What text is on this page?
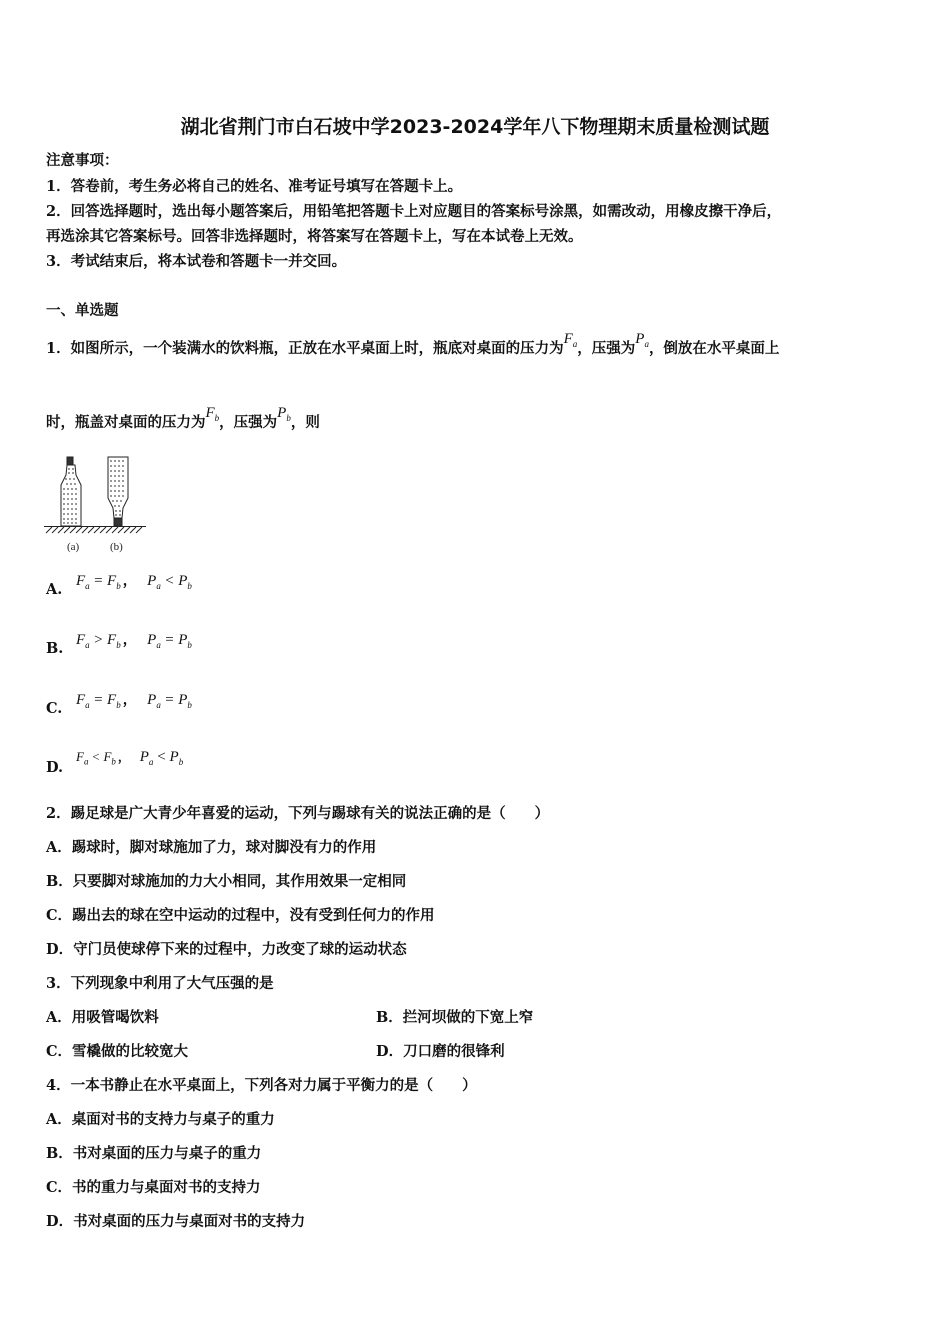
湖北省荆门市白石坡中学2023-2024学年八下物理期末质量检测试题
注意事项：
1．答卷前，考生务必将自己的姓名、准考证号填写在答题卡上。
2．回答选择题时，选出每小题答案后，用铅笔把答题卡上对应题目的答案标号涂黑，如需改动，用橡皮擦干净后，
再选涂其它答案标号。回答非选择题时，将答案写在答题卡上，写在本试卷上无效。
3．考试结束后，将本试卷和答题卡一并交回。
一、单选题
1．如图所示，一个装满水的饮料瓶，正放在水平桌面上时，瓶底对桌面的压力为$F_a$，压强为$P_a$，倒放在水平桌面上
时，瓶盖对桌面的压力为$F_b$，压强为$P_b$，则
(a)	(b)
A. $F_a = F_b$ ， $P_a < P_b$
B. $F_a > F_b$ ， $P_a = P_b$
C. $F_a = F_b$ ， $P_a = P_b$
D.
$F_a < F_b$ ， $P_a < P_b$
2．踢足球是广大青少年喜爱的运动，下列与踢球有关的说法正确的是（　　）
A．踢球时，脚对球施加了力，球对脚没有力的作用
B．只要脚对球施加的力大小相同，其作用效果一定相同
C．踢出去的球在空中运动的过程中，没有受到任何力的作用
D．守门员使球停下来的过程中，力改变了球的运动状态
3．下列现象中利用了大气压强的是
A．用吸管喝饮料	B．拦河坝做的下宽上窄
C．雪橇做的比较宽大	D．刀口磨的很锋利
4．一本书静止在水平桌面上，下列各对力属于平衡力的是（　　）
A．桌面对书的支持力与桌子的重力
B．书对桌面的压力与桌子的重力
C．书的重力与桌面对书的支持力
D．书对桌面的压力与桌面对书的支持力
